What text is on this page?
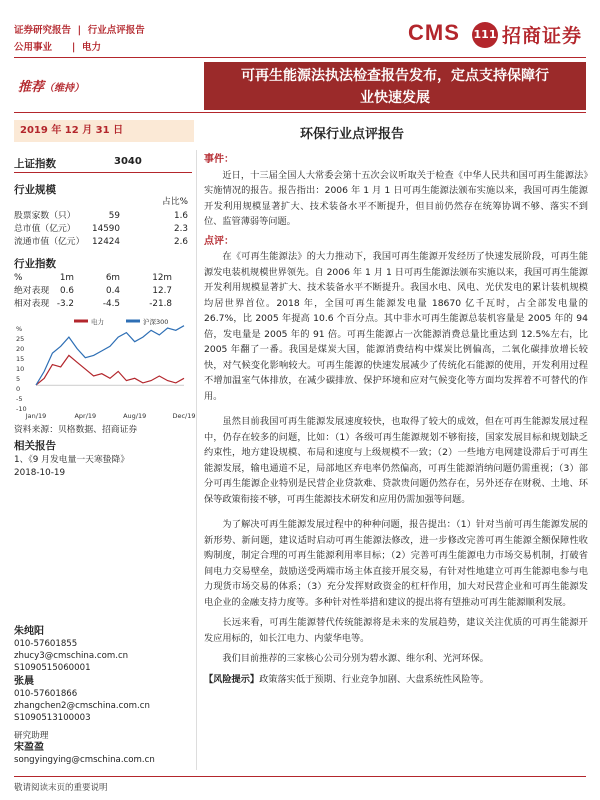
证券研究报告  |  行业点评报告
公用事业      |  电力
CMS 111 招商证券
推荐（维持）
可再生能源法执法检查报告发布，定点支持保障行
业快速发展
2019 年 12 月 31 日	环保行业点评报告
上证指数	3040
行业规模
占比%
股票家数（只）	59	1.6
总市值（亿元） 14590	2.3
流通市值（亿元） 12424	2.6
行业指数
%	1m	6m	12m
绝对表现 0.6	0.4	12.7
相对表现 -3.2	-4.5	-21.8
%
25
20
15
10
5
0
-5
-10
Jan/19	Apr/19	Aug/19	Dec/19
电力	沪深300
资料来源：贝格数据、招商证券
相关报告
1、《9 月发电量一天寒蛰降》
2018-10-19
朱纯阳
010-57601855
zhucy3@cmschina.com.cn
S1090515060001
张晨
010-57601866
zhangchen2@cmschina.com.cn
S1090513100003
研究助理
宋盈盈
songyingying@cmschina.com.cn
事件：

近日，十三届全国人大常委会第十五次会议听取关于检查《中华人民共和国可再生能源法》实施情况的报告。报告指出：2006 年 1 月 1 日可再生能源法颁布实施以来，我国可再生能源开发利用规模显著扩大、技术装备水平不断提升，但目前仍然存在统筹协调不够、落实不到位、监管薄弱等问题。

点评：

在《可再生能源法》的大力推动下，我国可再生能源开发经历了快速发展阶段，可再生能源发电装机规模世界领先。自 2006 年 1 月 1 日可再生能源法颁布实施以来，我国可再生能源开发利用规模显著扩大、技术装备水平不断提升。我国水电、风电、光伏发电的累计装机规模均居世界首位。2018 年，全国可再生能源发电量 18670 亿千瓦时，占全部发电量的 26.7%，比 2005 年提高 10.6 个百分点。其中非水可再生能源总装机容量是 2005 年的 94 倍，发电量是 2005 年的 91 倍。可再生能源占一次能源消费总量比重达到 12.5%左右，比 2005 年翻了一番。我国是煤炭大国，能源消费结构中煤炭比例偏高，二氧化碳排放增长较快，对气候变化影响较大。可再生能源的快速发展减少了传统化石能源的使用，开发利用过程不增加温室气体排放，在减少碳排放、保护环境和应对气候变化等方面均发挥着不可替代的作用。

虽然目前我国可再生能源发展速度较快，也取得了较大的成效，但在可再生能源发展过程中，仍存在较多的问题，比如：（1）各级可再生能源规划不够衔接，国家发展目标和规划缺乏约束性，地方建设规模、布局和速度与上级规模不一致；（2）一些地方电网建设滞后于可再生能源发展，输电通道不足，局部地区弃电率仍然偏高，可再生能源消纳问题仍需重视；（3）部分可再生能源企业特别是民营企业贷款难、贷款贵问题仍然存在，另外还存在财税、土地、环保等政策衔接不够，可再生能源技术研发和应用仍需加强等问题。

为了解决可再生能源发展过程中的种种问题，报告提出：（1）针对当前可再生能源发展的新形势、新问题，建议适时启动可再生能源法修改，进一步修改完善可再生能源全额保障性收购制度，制定合理的可再生能源利用率目标；（2）完善可再生能源电力市场交易机制，打破省间电力交易壁垒，鼓励送受两端市场主体直接开展交易，有针对性地建立可再生能源电参与电力现货市场交易的体系；（3）充分发挥财政资金的杠杆作用，加大对民营企业和可再生能源发电企业的金融支持力度等。多种针对性举措和建议的提出将有望推动可再生能源顺利发展。

长远来看，可再生能源替代传统能源将是未来的发展趋势，建议关注优质的可再生能源开发应用标的，如长江电力、内蒙华电等。

我们目前推荐的三家核心公司分别为碧水源、维尔利、光河环保。

【风险提示】政策落实低于预期、行业竞争加剧、大盘系统性风险等。
敬请阅读末页的重要说明
